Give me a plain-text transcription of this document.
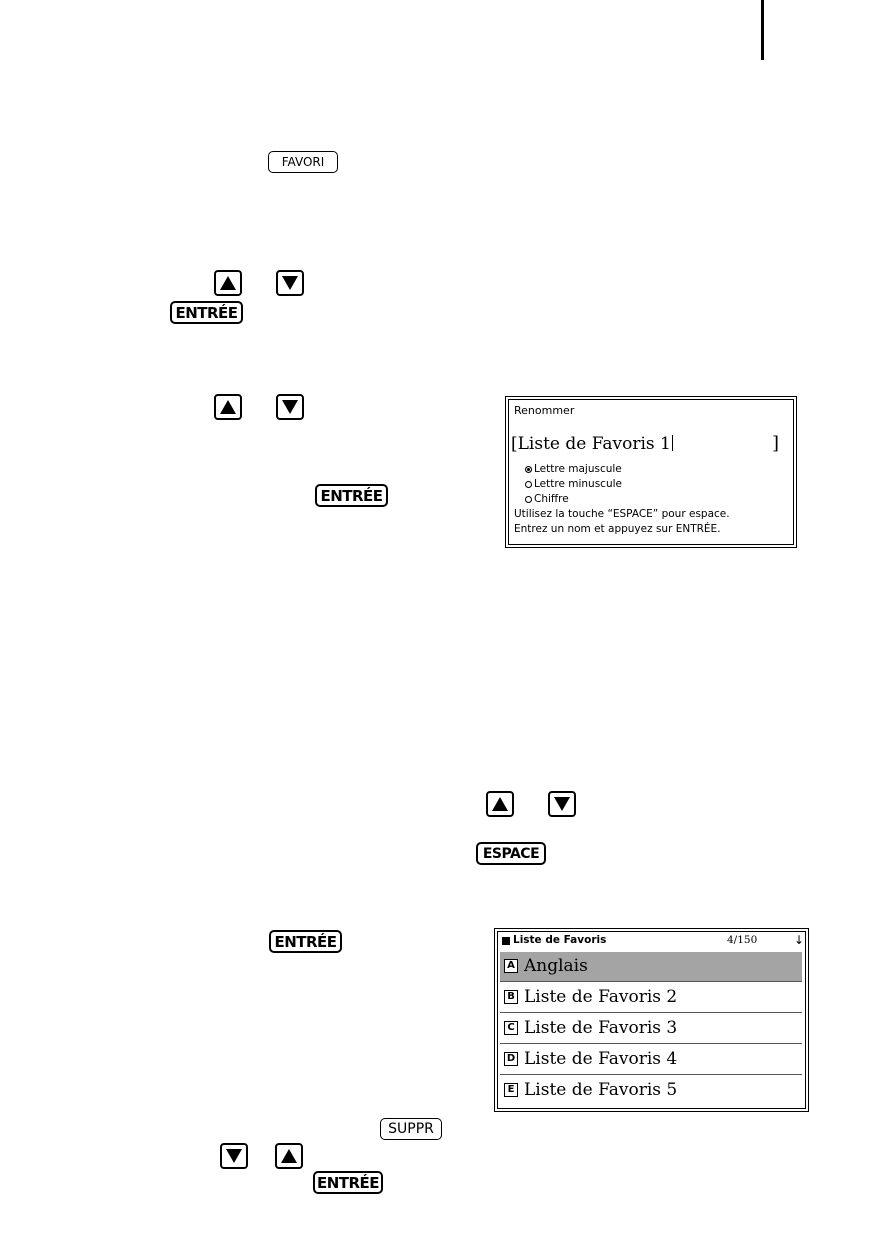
FAVORI
ENTRÉE
ENTRÉE
Renommer
[Liste de Favoris 1	]
Lettre majuscule
Lettre minuscule
Chiffre
Utilisez la touche “ESPACE” pour espace.
Entrez un nom et appuyez sur ENTRÉE.
ESPACE
ENTRÉE	Liste de Favoris	4/150	↓
A Anglais
B Liste de Favoris 2
C Liste de Favoris 3
D Liste de Favoris 4
E Liste de Favoris 5
SUPPR
ENTRÉE
